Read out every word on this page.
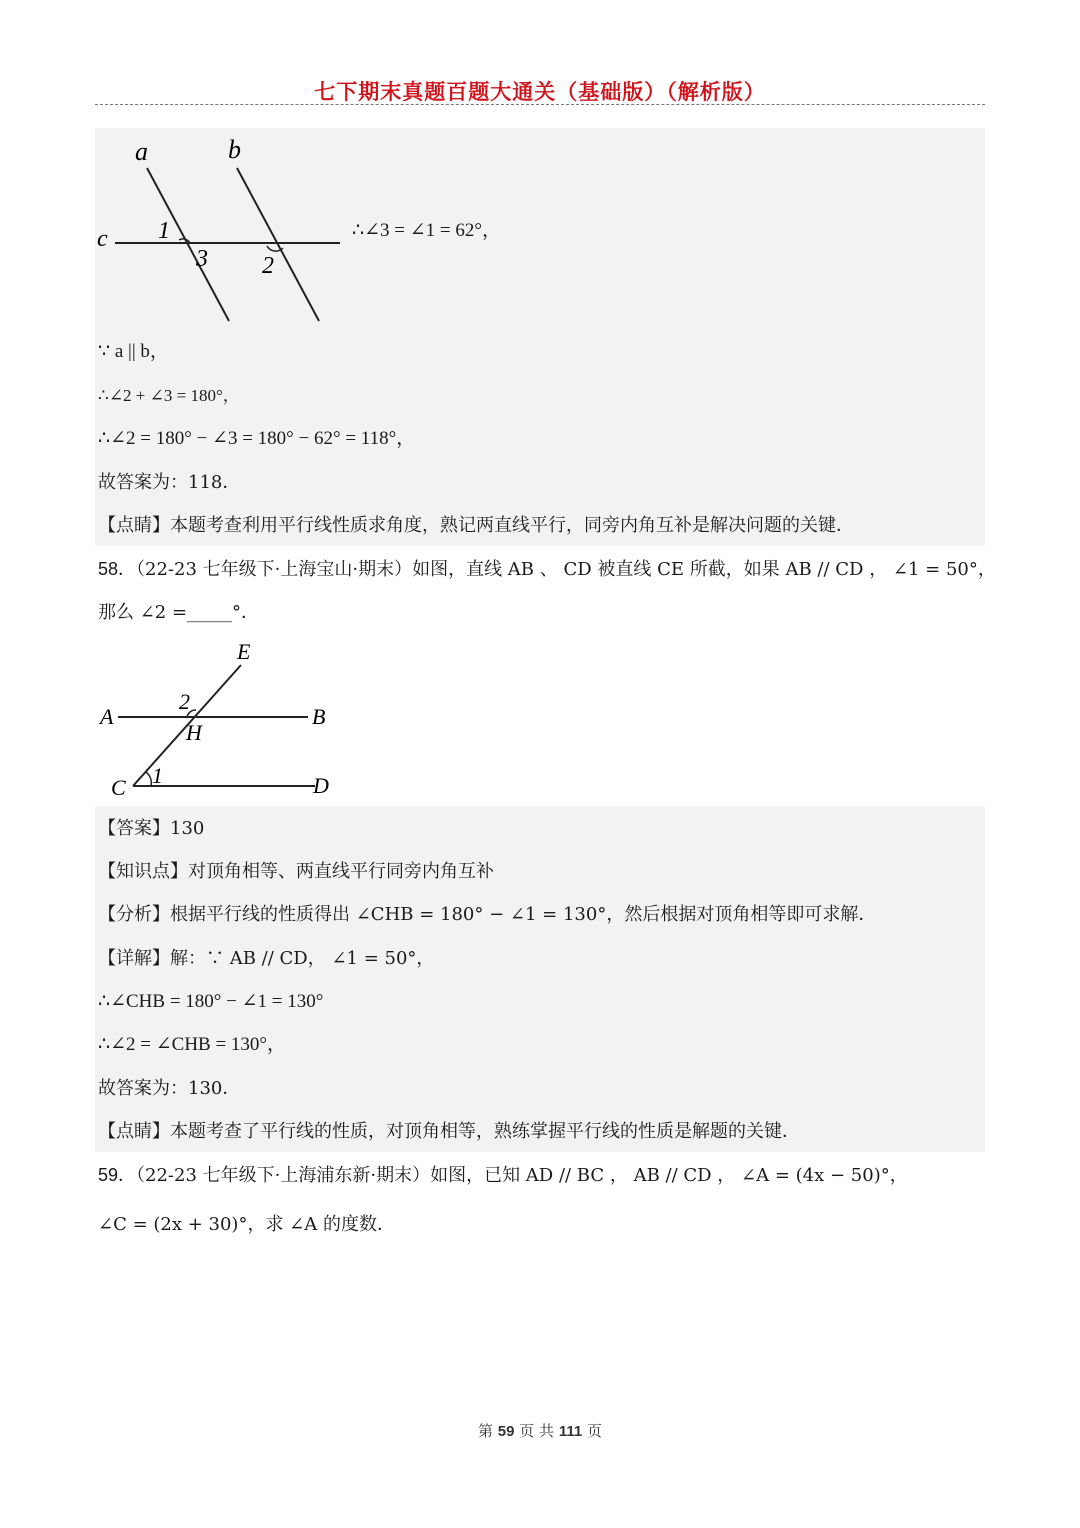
七下期末真题百题大通关（基础版）（解析版）
a	b
c 1
3 2
∴∠3 = ∠1 = 62°，
∵ a || b，
∴∠2 + ∠3 = 180°，
∴∠2 = 180° − ∠3 = 180° − 62° = 118°，
故答案为：118．
【点睛】本题考查利用平行线性质求角度，熟记两直线平行，同旁内角互补是解决问题的关键．
58．（22-23 七年级下·上海宝山·期末）如图，直线 AB 、 CD 被直线 CE 所截，如果 AB // CD ， ∠1 = 50°，
那么 ∠2 =_____°．
E
A	B
2
H
C 1	D
【答案】130
【知识点】对顶角相等、两直线平行同旁内角互补
【分析】根据平行线的性质得出 ∠CHB = 180° − ∠1 = 130°，然后根据对顶角相等即可求解．
【详解】解：∵ AB // CD， ∠1 = 50°，
∴∠CHB = 180° − ∠1 = 130°
∴∠2 = ∠CHB = 130°，
故答案为：130．
【点睛】本题考查了平行线的性质，对顶角相等，熟练掌握平行线的性质是解题的关键．
59．（22-23 七年级下·上海浦东新·期末）如图，已知 AD // BC ， AB // CD ， ∠A = (4x − 50)°，
∠C = (2x + 30)°，求 ∠A 的度数．
第 59 页 共 111 页
